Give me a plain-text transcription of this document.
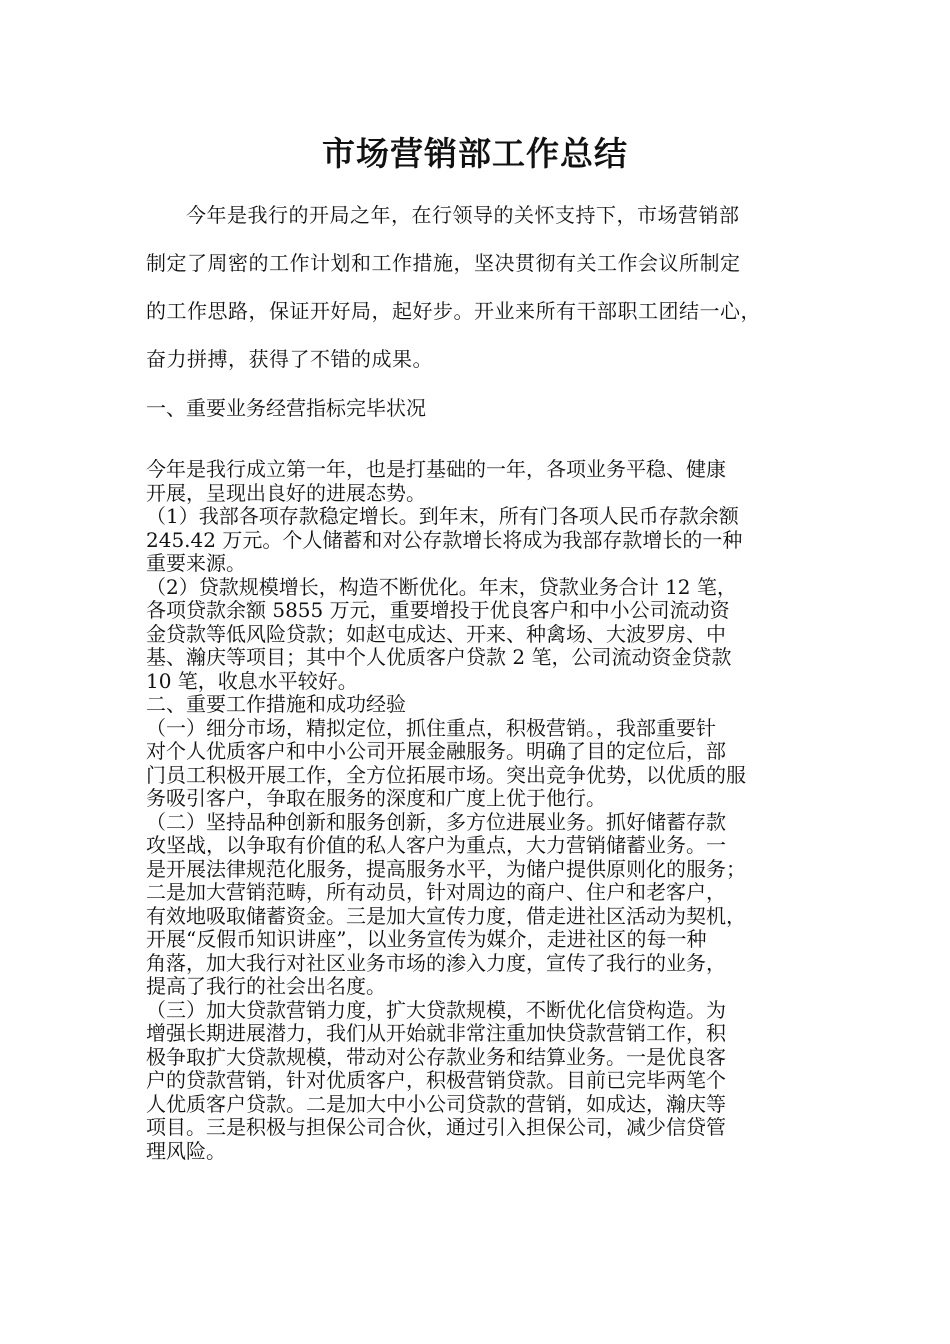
市场营销部工作总结
今年是我行的开局之年，在行领导的关怀支持下，市场营销部
制定了周密的工作计划和工作措施，坚决贯彻有关工作会议所制定
的工作思路，保证开好局，起好步。开业来所有干部职工团结一心，
奋力拼搏，获得了不错的成果。
一、重要业务经营指标完毕状况

今年是我行成立第一年，也是打基础的一年，各项业务平稳、健康

开展，呈现出良好的进展态势。

（1）我部各项存款稳定增长。到年末，所有门各项人民币存款余额

245.42 万元。个人储蓄和对公存款增长将成为我部存款增长的一种

重要来源。

（2）贷款规模增长，构造不断优化。年末，贷款业务合计 12 笔，

各项贷款余额 5855 万元，重要增投于优良客户和中小公司流动资

金贷款等低风险贷款；如赵屯成达、开来、种禽场、大波罗房、中

基、瀚庆等项目；其中个人优质客户贷款 2 笔，公司流动资金贷款

10 笔，收息水平较好。

二、重要工作措施和成功经验

（一）细分市场，精拟定位，抓住重点，积极营销。，我部重要针

对个人优质客户和中小公司开展金融服务。明确了目的定位后，部

门员工积极开展工作，全方位拓展市场。突出竞争优势，以优质的服

务吸引客户，争取在服务的深度和广度上优于他行。

（二）坚持品种创新和服务创新，多方位进展业务。抓好储蓄存款

攻坚战，以争取有价值的私人客户为重点，大力营销储蓄业务。一

是开展法律规范化服务，提高服务水平，为储户提供原则化的服务；

二是加大营销范畴，所有动员，针对周边的商户、住户和老客户，

有效地吸取储蓄资金。三是加大宣传力度，借走进社区活动为契机，

开展“反假币知识讲座”，以业务宣传为媒介，走进社区的每一种

角落，加大我行对社区业务市场的渗入力度，宣传了我行的业务，

提高了我行的社会出名度。

（三）加大贷款营销力度，扩大贷款规模，不断优化信贷构造。为

增强长期进展潜力，我们从开始就非常注重加快贷款营销工作，积

极争取扩大贷款规模，带动对公存款业务和结算业务。一是优良客

户的贷款营销，针对优质客户，积极营销贷款。目前已完毕两笔个

人优质客户贷款。二是加大中小公司贷款的营销，如成达，瀚庆等

项目。三是积极与担保公司合伙，通过引入担保公司，减少信贷管

理风险。
